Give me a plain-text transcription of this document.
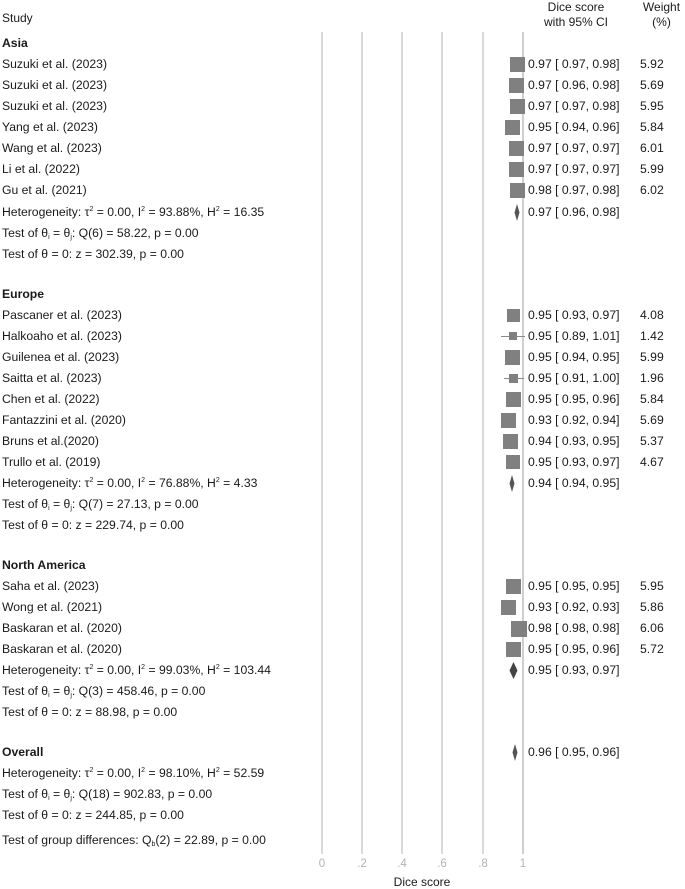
Study
Dice score
with 95% CI
Weight
(%)
0	.2	.4	.6	.8	1
Dice score
Asia
Suzuki et al. (2023)	0.97 [ 0.97, 0.98] 5.92
Suzuki et al. (2023)	0.97 [ 0.96, 0.98] 5.69
Suzuki et al. (2023)	0.97 [ 0.97, 0.98] 5.95
Yang et al. (2023)	0.95 [ 0.94, 0.96] 5.84
Wang et al. (2023)	0.97 [ 0.97, 0.97] 6.01
Li et al. (2022)	0.97 [ 0.97, 0.97] 5.99
Gu et al. (2021)	0.98 [ 0.97, 0.98] 6.02
Heterogeneity: $\tau^2 = 0.00$, $I^2 = 93.88\%$, $H^2 = 16.35$	0.97 [ 0.96, 0.98]
Test of $\theta_i = \theta_j$: Q(6) = 58.22, p = 0.00
Test of θ = 0: z = 302.39, p = 0.00
Europe
Pascaner et al. (2023)	0.95 [ 0.93, 0.97] 4.08
Halkoaho et al. (2023)	0.95 [ 0.89, 1.01] 1.42
Guilenea et al. (2023)	0.95 [ 0.94, 0.95] 5.99
Saitta et al. (2023)	0.95 [ 0.91, 1.00] 1.96
Chen et al. (2022)	0.95 [ 0.95, 0.96] 5.84
Fantazzini et al. (2020)	0.93 [ 0.92, 0.94] 5.69
Bruns et al.(2020)	0.94 [ 0.93, 0.95] 5.37
Trullo et al. (2019)	0.95 [ 0.93, 0.97] 4.67
Heterogeneity: $\tau^2 = 0.00$, $I^2 = 76.88\%$, $H^2 = 4.33$	0.94 [ 0.94, 0.95]
Test of $\theta_i = \theta_j$: Q(7) = 27.13, p = 0.00
Test of θ = 0: z = 229.74, p = 0.00
North America
Saha et al. (2023)	0.95 [ 0.95, 0.95] 5.95
Wong et al. (2021)	0.93 [ 0.92, 0.93] 5.86
Baskaran et al. (2020)	0.98 [ 0.98, 0.98] 6.06
Baskaran et al. (2020)	0.95 [ 0.95, 0.96] 5.72
Heterogeneity: $\tau^2 = 0.00$, $I^2 = 99.03\%$, $H^2 = 103.44$	0.95 [ 0.93, 0.97]
Test of $\theta_i = \theta_j$: Q(3) = 458.46, p = 0.00
Test of θ = 0: z = 88.98, p = 0.00
Overall	0.96 [ 0.95, 0.96]
Heterogeneity: $\tau^2 = 0.00$, $I^2 = 98.10\%$, $H^2 = 52.59$
Test of $\theta_i = \theta_j$: Q(18) = 902.83, p = 0.00
Test of θ = 0: z = 244.85, p = 0.00
Test of group differences: $Q_b(2) = 22.89$, p = 0.00
